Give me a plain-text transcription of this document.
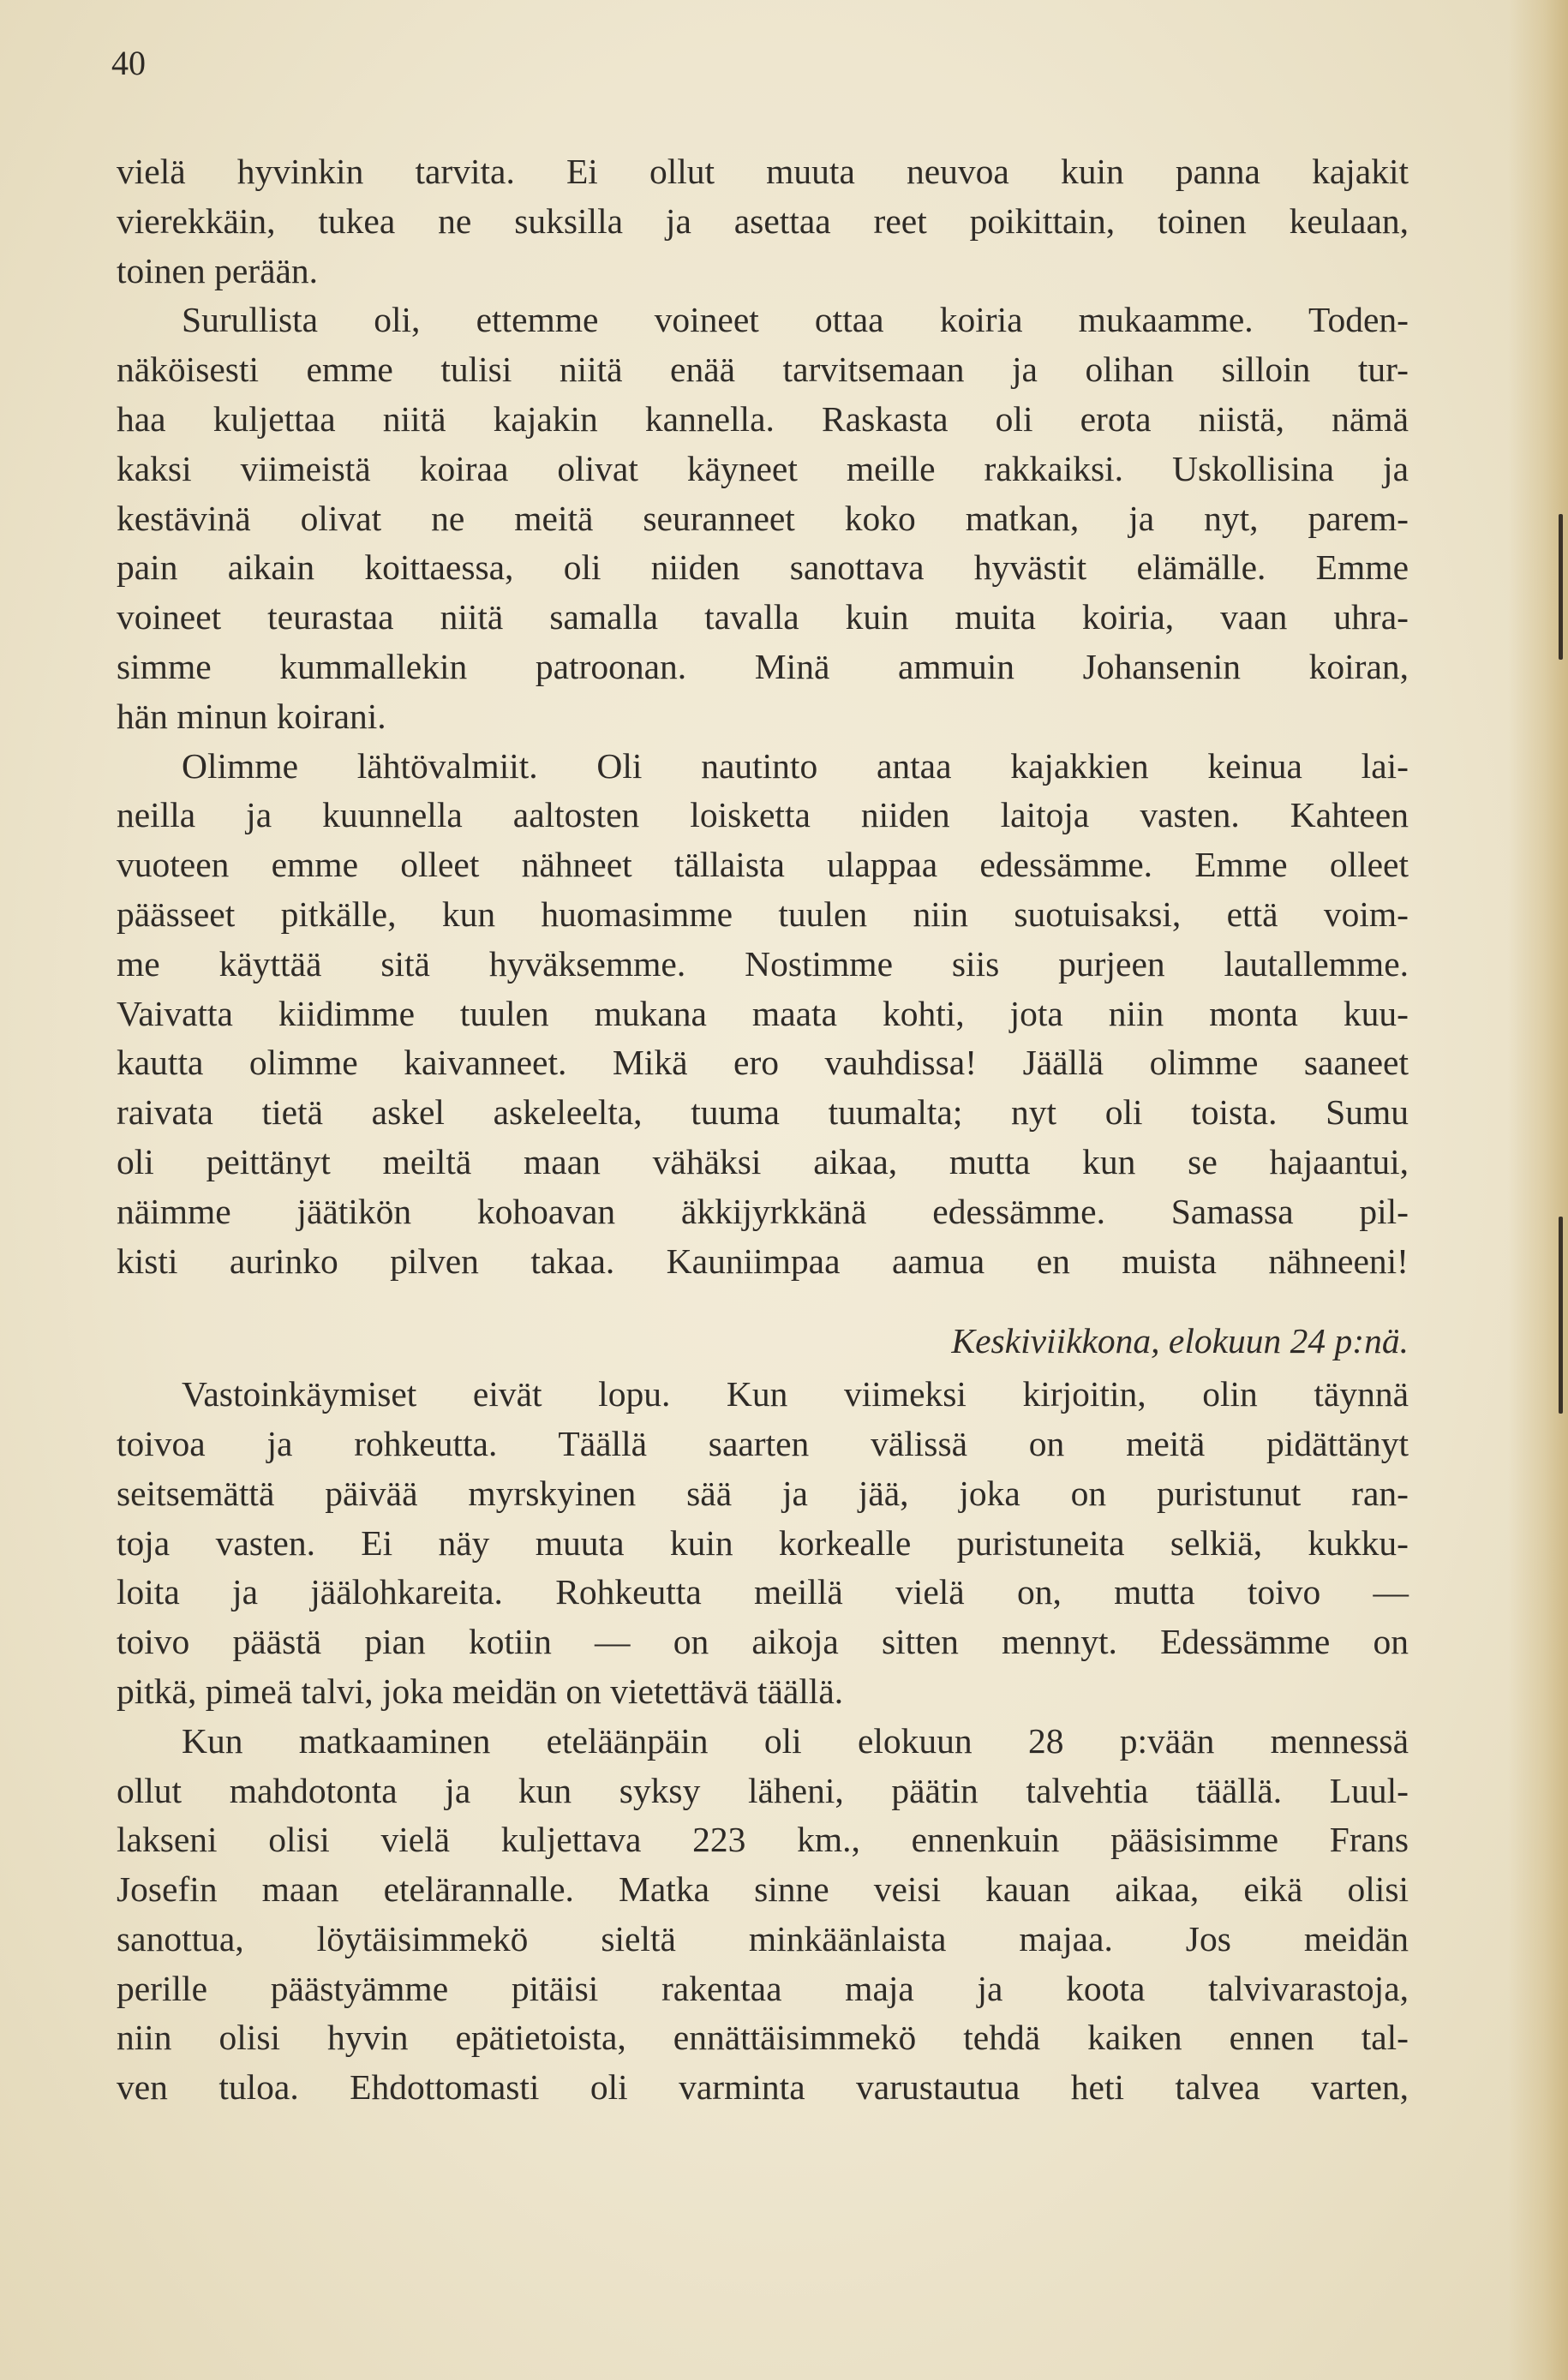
40
vielä hyvinkin tarvita. Ei ollut muuta neuvoa kuin panna kajakit
vierekkäin, tukea ne suksilla ja asettaa reet poikittain, toinen keulaan,
toinen perään.
Surullista oli, ettemme voineet ottaa koiria mukaamme. Toden-
näköisesti emme tulisi niitä enää tarvitsemaan ja olihan silloin tur-
haa kuljettaa niitä kajakin kannella. Raskasta oli erota niistä, nämä
kaksi viimeistä koiraa olivat käyneet meille rakkaiksi. Uskollisina ja
kestävinä olivat ne meitä seuranneet koko matkan, ja nyt, parem-
pain aikain koittaessa, oli niiden sanottava hyvästit elämälle. Emme
voineet teurastaa niitä samalla tavalla kuin muita koiria, vaan uhra-
simme kummallekin patroonan. Minä ammuin Johansenin koiran,
hän minun koirani.
Olimme lähtövalmiit. Oli nautinto antaa kajakkien keinua lai-
neilla ja kuunnella aaltosten loisketta niiden laitoja vasten. Kahteen
vuoteen emme olleet nähneet tällaista ulappaa edessämme. Emme olleet
päässeet pitkälle, kun huomasimme tuulen niin suotuisaksi, että voim-
me käyttää sitä hyväksemme. Nostimme siis purjeen lautallemme.
Vaivatta kiidimme tuulen mukana maata kohti, jota niin monta kuu-
kautta olimme kaivanneet. Mikä ero vauhdissa! Jäällä olimme saaneet
raivata tietä askel askeleelta, tuuma tuumalta; nyt oli toista. Sumu
oli peittänyt meiltä maan vähäksi aikaa, mutta kun se hajaantui,
näimme jäätikön kohoavan äkkijyrkkänä edessämme. Samassa pil-
kisti aurinko pilven takaa. Kauniimpaa aamua en muista nähneeni!
Keskiviikkona, elokuun 24 p:nä.
Vastoinkäymiset eivät lopu. Kun viimeksi kirjoitin, olin täynnä
toivoa ja rohkeutta. Täällä saarten välissä on meitä pidättänyt
seitsemättä päivää myrskyinen sää ja jää, joka on puristunut ran-
toja vasten. Ei näy muuta kuin korkealle puristuneita selkiä, kukku-
loita ja jäälohkareita. Rohkeutta meillä vielä on, mutta toivo —
toivo päästä pian kotiin — on aikoja sitten mennyt. Edessämme on
pitkä, pimeä talvi, joka meidän on vietettävä täällä.
Kun matkaaminen eteläänpäin oli elokuun 28 p:vään mennessä
ollut mahdotonta ja kun syksy läheni, päätin talvehtia täällä. Luul-
lakseni olisi vielä kuljettava 223 km., ennenkuin pääsisimme Frans
Josefin maan etelärannalle. Matka sinne veisi kauan aikaa, eikä olisi
sanottua, löytäisimmekö sieltä minkäänlaista majaa. Jos meidän
perille päästyämme pitäisi rakentaa maja ja koota talvivarastoja,
niin olisi hyvin epätietoista, ennättäisimmekö tehdä kaiken ennen tal-
ven tuloa. Ehdottomasti oli varminta varustautua heti talvea varten,
